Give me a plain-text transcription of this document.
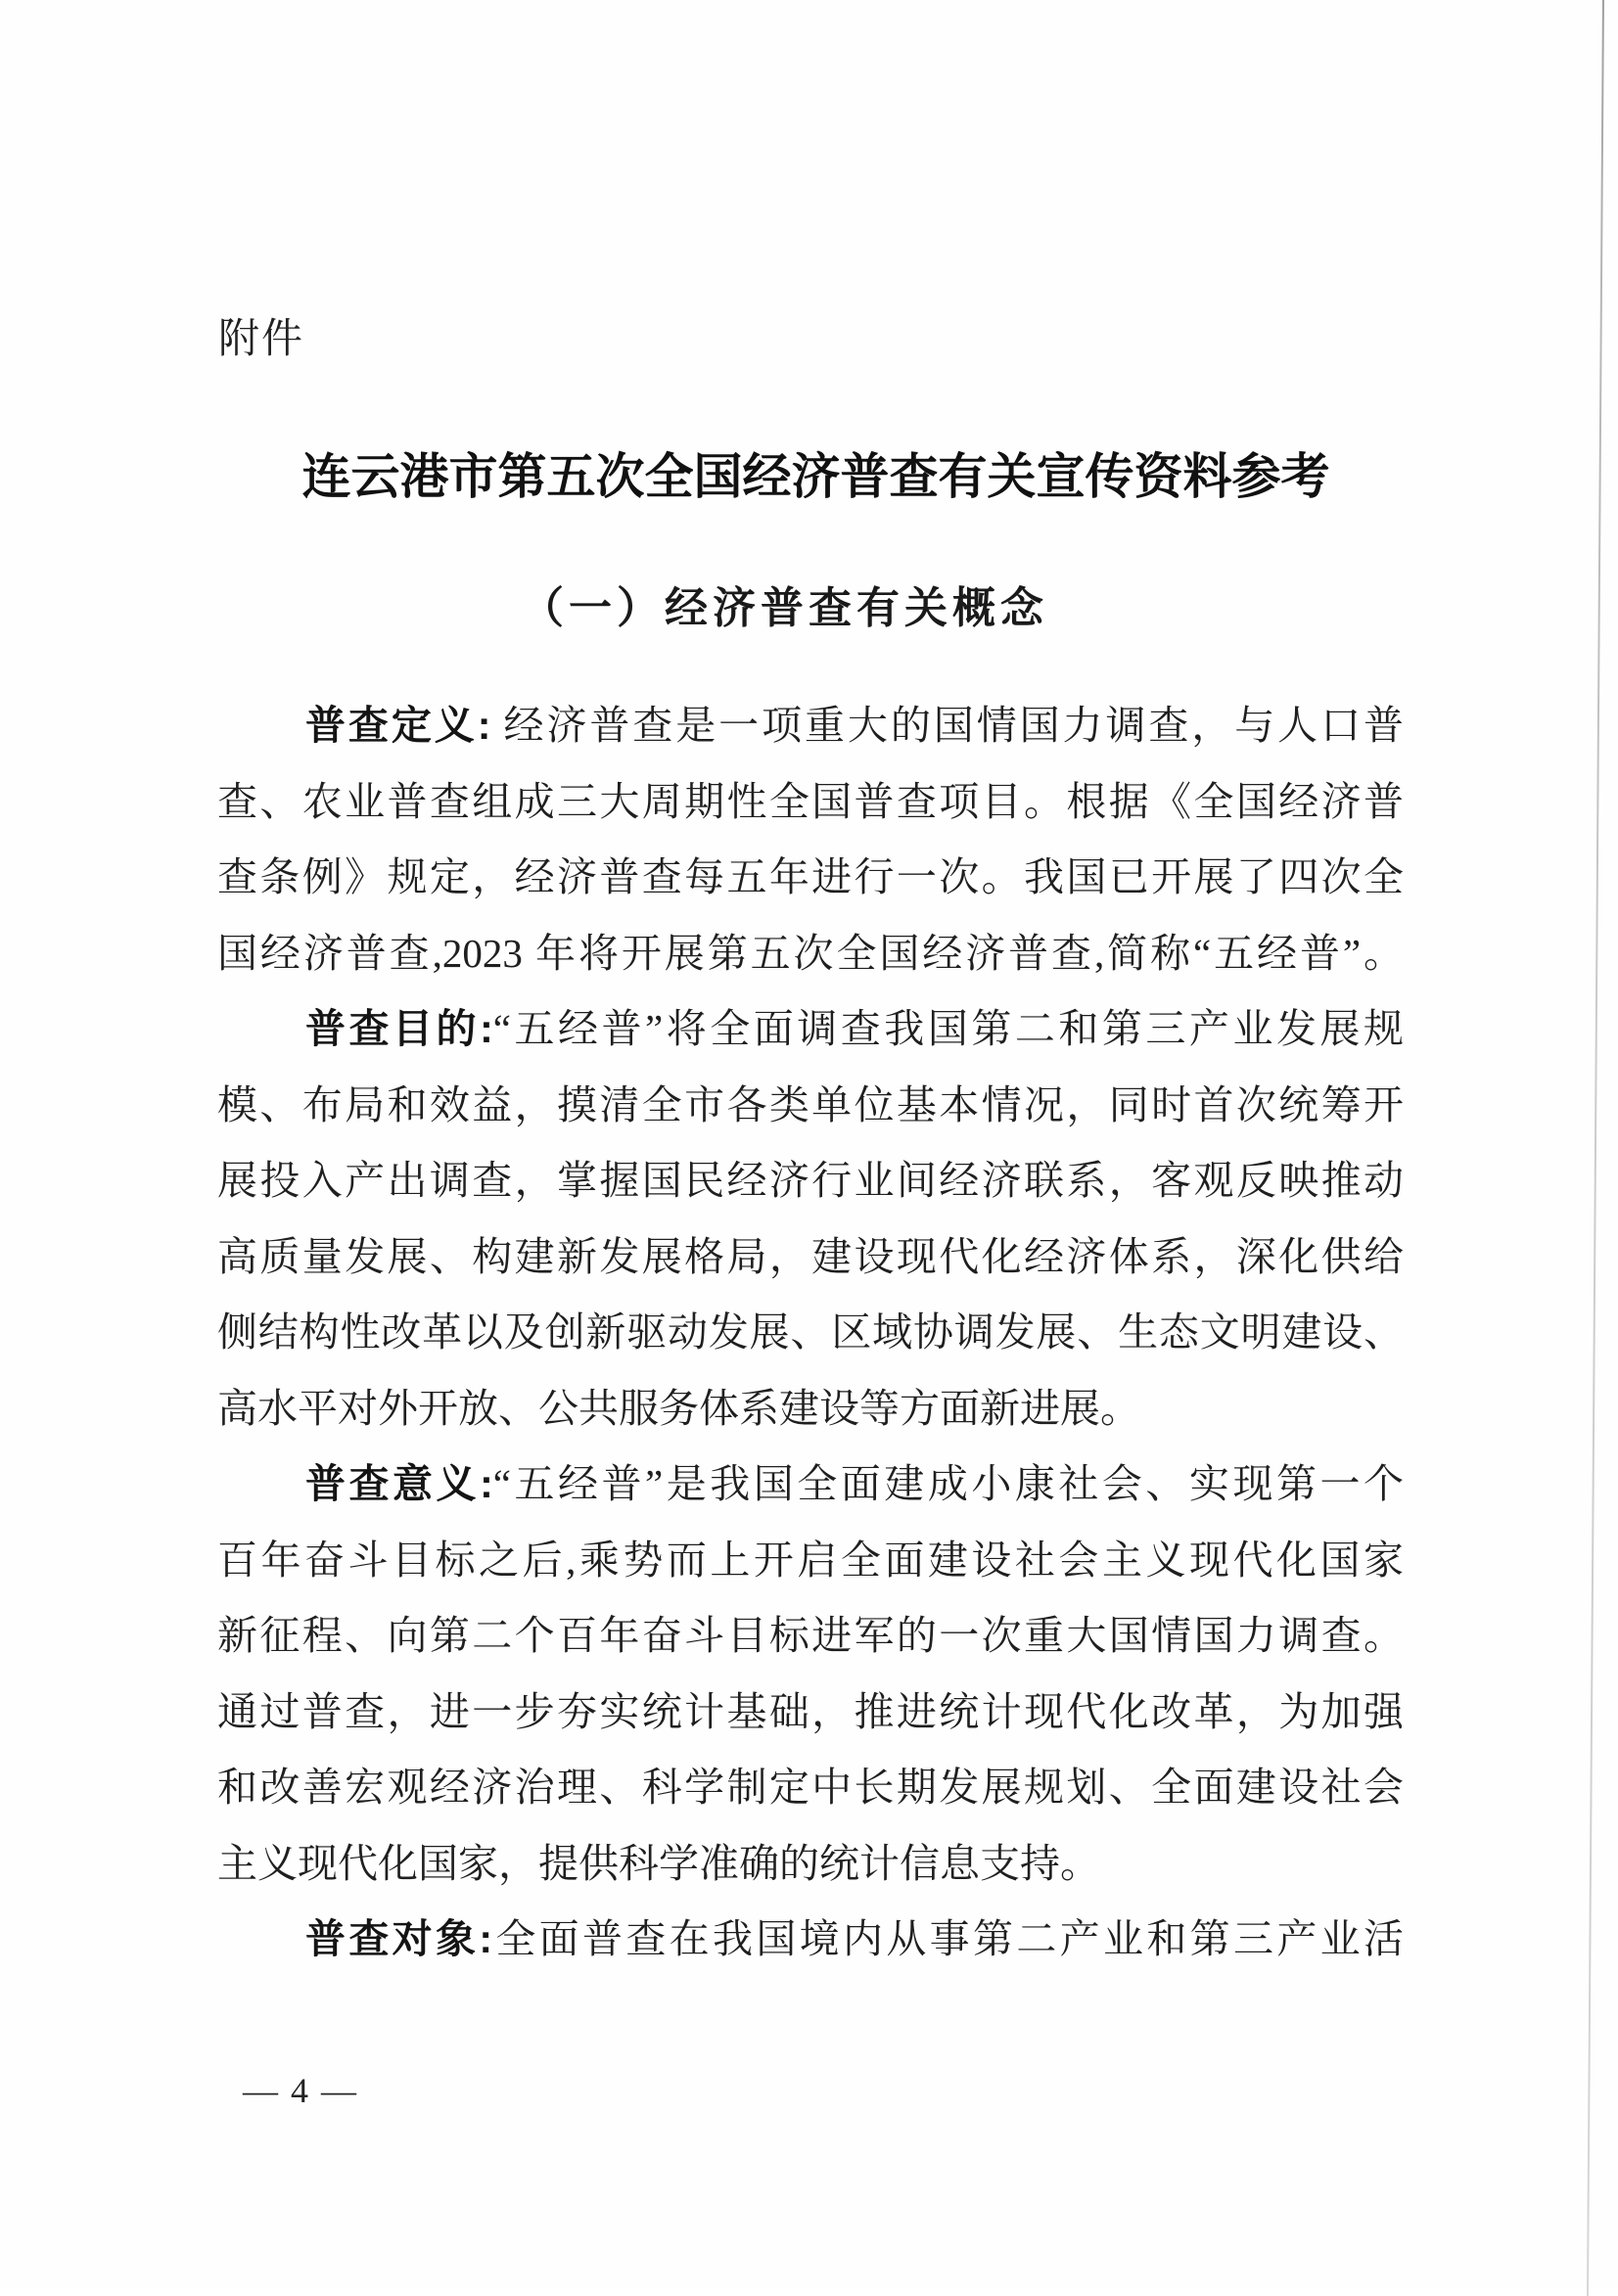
附件
连云港市第五次全国经济普查有关宣传资料参考
（一）经济普查有关概念
普查定义: 经济普查是一项重大的国情国力调查，与人口普
查、农业普查组成三大周期性全国普查项目。根据《全国经济普
查条例》规定，经济普查每五年进行一次。我国已开展了四次全
国经济普查,2023 年将开展第五次全国经济普查,简称“五经普”。
普查目的:“五经普”将全面调查我国第二和第三产业发展规
模、布局和效益，摸清全市各类单位基本情况，同时首次统筹开
展投入产出调查，掌握国民经济行业间经济联系，客观反映推动
高质量发展、构建新发展格局，建设现代化经济体系，深化供给
侧结构性改革以及创新驱动发展、区域协调发展、生态文明建设、
高水平对外开放、公共服务体系建设等方面新进展。
普查意义:“五经普”是我国全面建成小康社会、实现第一个
百年奋斗目标之后,乘势而上开启全面建设社会主义现代化国家
新征程、向第二个百年奋斗目标进军的一次重大国情国力调查。
通过普查，进一步夯实统计基础，推进统计现代化改革，为加强
和改善宏观经济治理、科学制定中长期发展规划、全面建设社会
主义现代化国家，提供科学准确的统计信息支持。
普查对象:全面普查在我国境内从事第二产业和第三产业活
— 4 —
